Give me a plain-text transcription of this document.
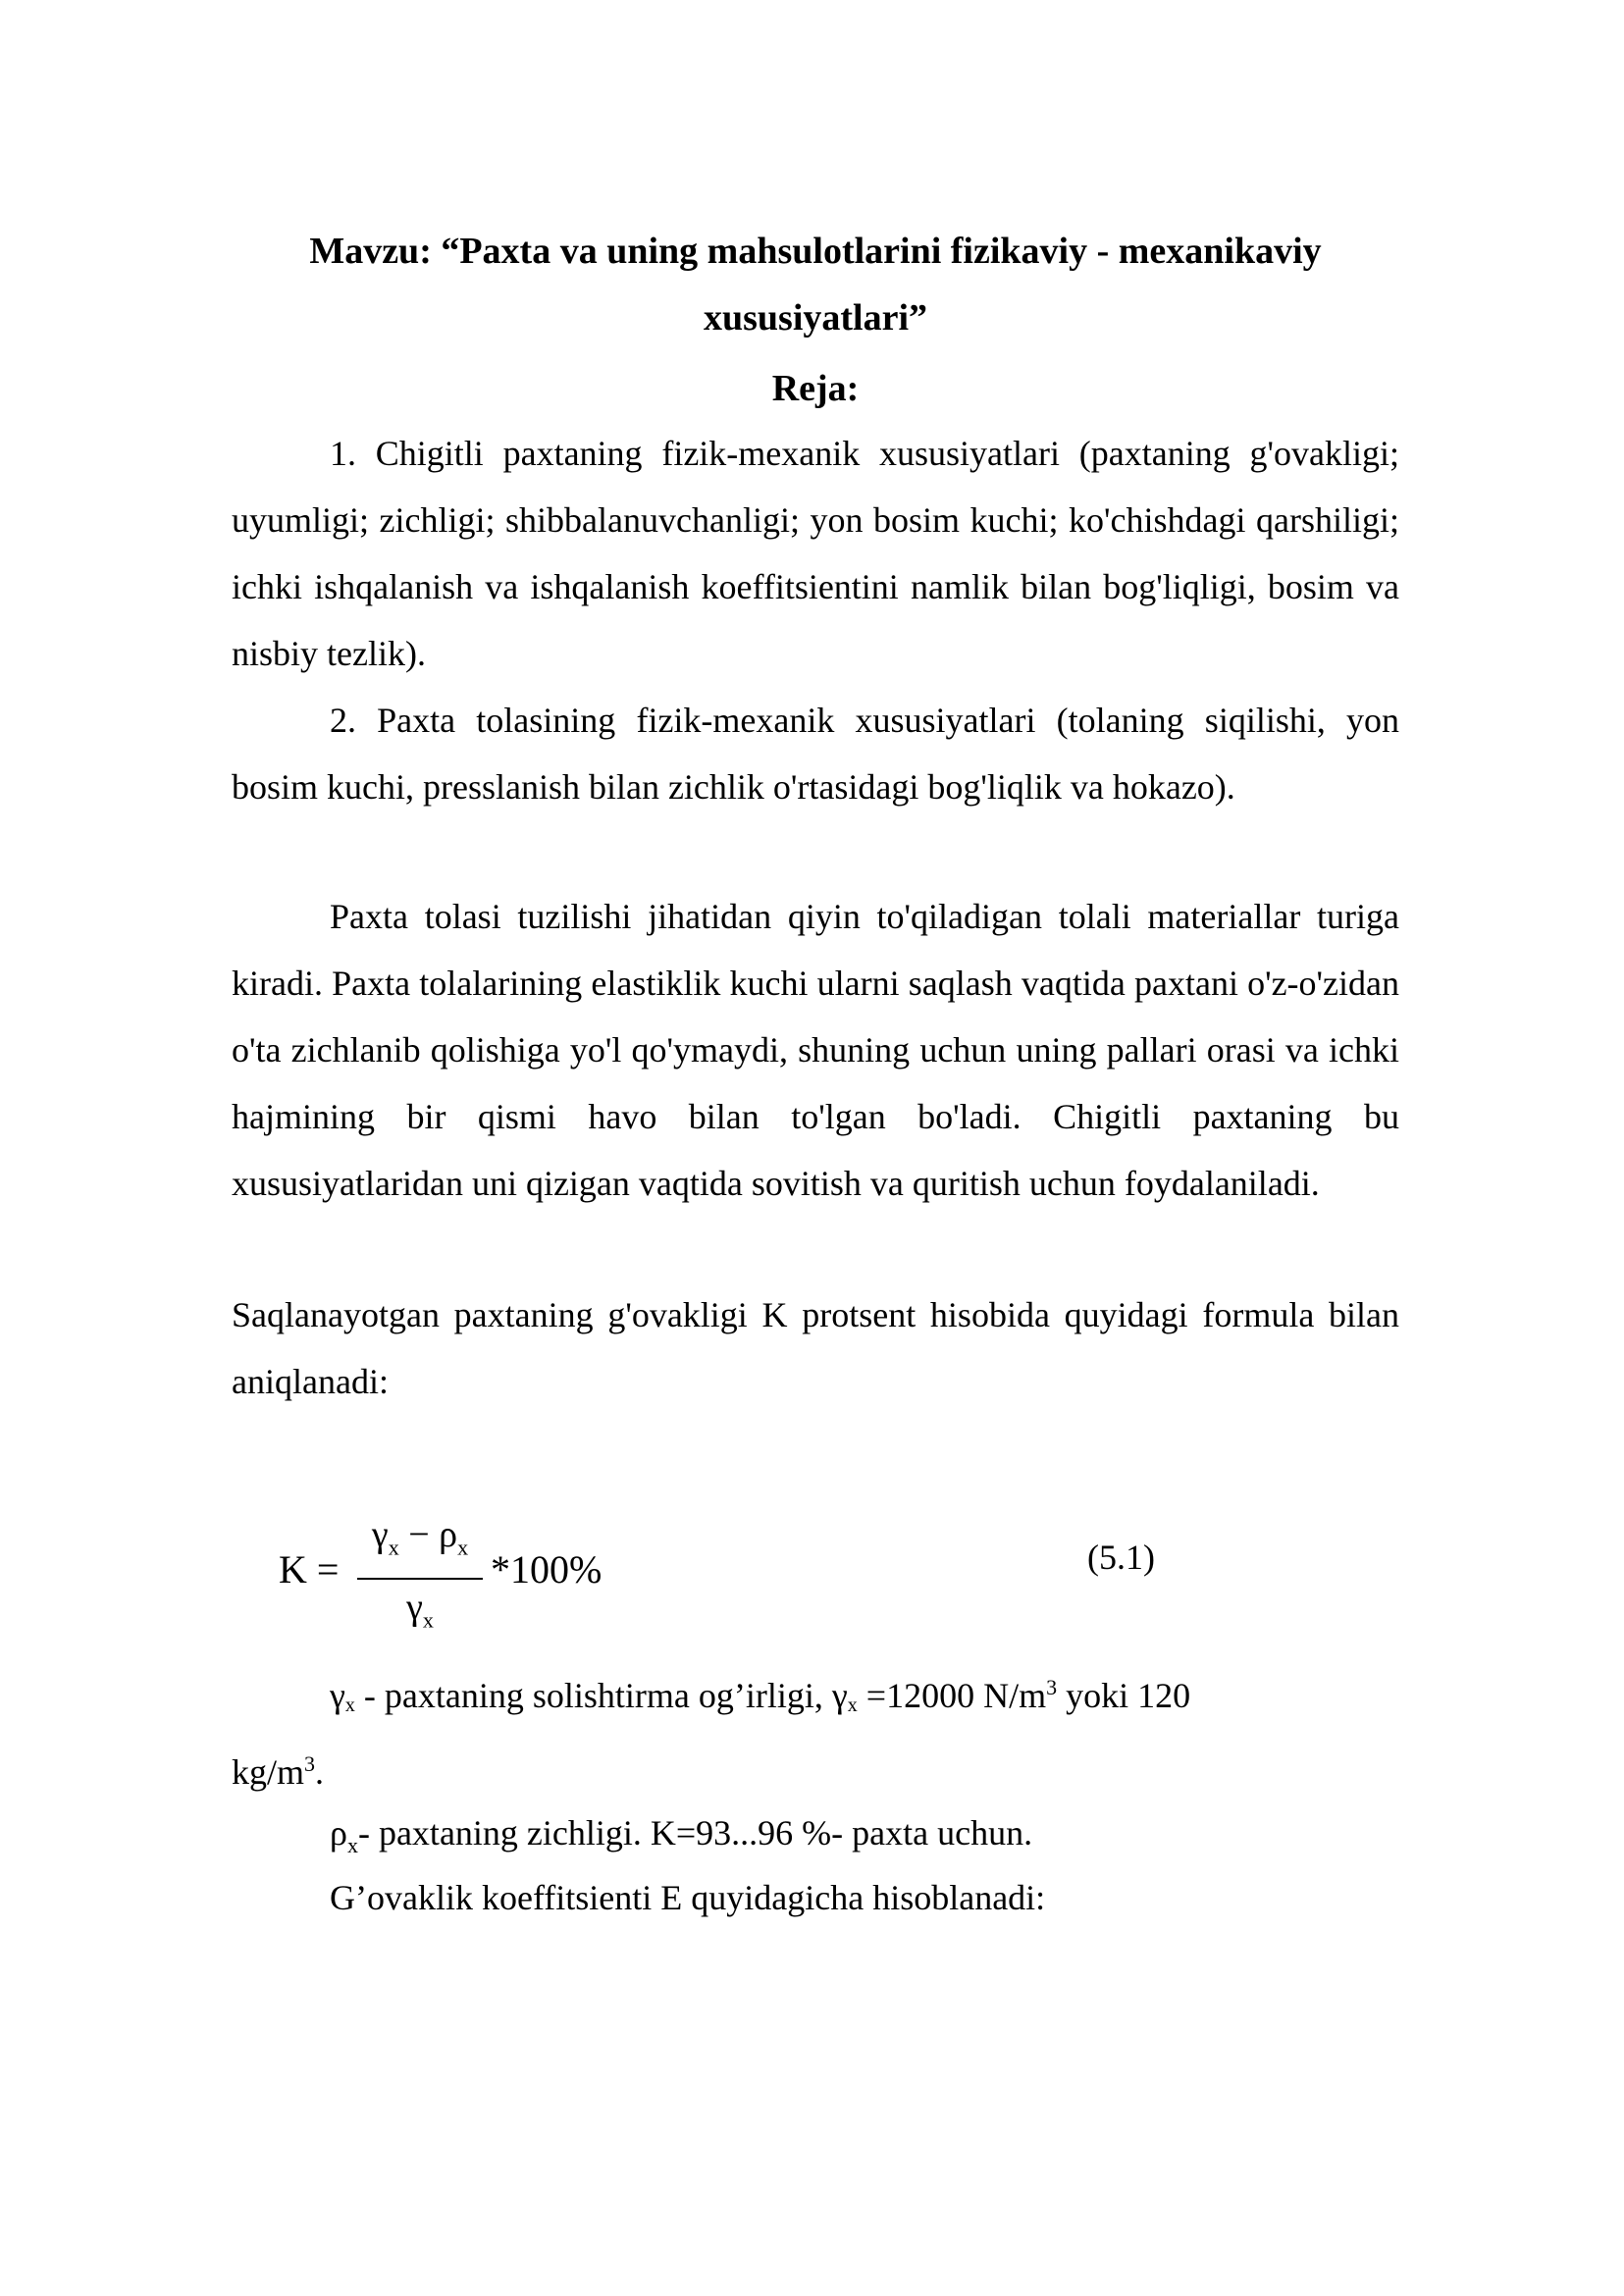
Mavzu: “Paxta va uning mahsulotlarini fizikaviy - mexanikaviy
xususiyatlari”
Reja:

1. Chigitli paxtaning fizik-mexanik xususiyatlari (paxtaning g'ovakligi; uyumligi; zichligi; shibbalanuvchanligi; yon bosim kuchi; ko'chishdagi qarshiligi; ichki ishqalanish va ishqalanish koeffitsientini namlik bilan bog'liqligi, bosim va nisbiy tezlik).

2. Paxta tolasining fizik-mexanik xususiyatlari (tolaning siqilishi, yon bosim kuchi, presslanish bilan zichlik o'rtasidagi bog'liqlik va hokazo).

Paxta tolasi tuzilishi jihatidan qiyin to'qiladigan tolali materiallar turiga kiradi. Paxta tolalarining elastiklik kuchi ularni saqlash vaqtida paxtani o'z-o'zidan o'ta zichlanib qolishiga yo'l qo'ymaydi, shuning uchun uning pallari orasi va ichki hajmining bir qismi havo bilan to'lgan bo'ladi. Chigitli paxtaning bu xususiyatlaridan uni qizigan vaqtida sovitish va quritish uchun foydalaniladi.

Saqlanayotgan paxtaning g'ovakligi K protsent hisobida quyidagi formula bilan aniqlanadi:

K =
$\gamma_x - \rho_x$
$\gamma_x$
*100%	(5.1)

γx - paxtaning solishtirma og’irligi, γx =12000 $N/m^3$ yoki 120
$kg/m^3$.

$\rho_x-$ paxtaning zichligi. K=93...96 %- paxta uchun.

G’ovaklik koeffitsienti E quyidagicha hisoblanadi:
